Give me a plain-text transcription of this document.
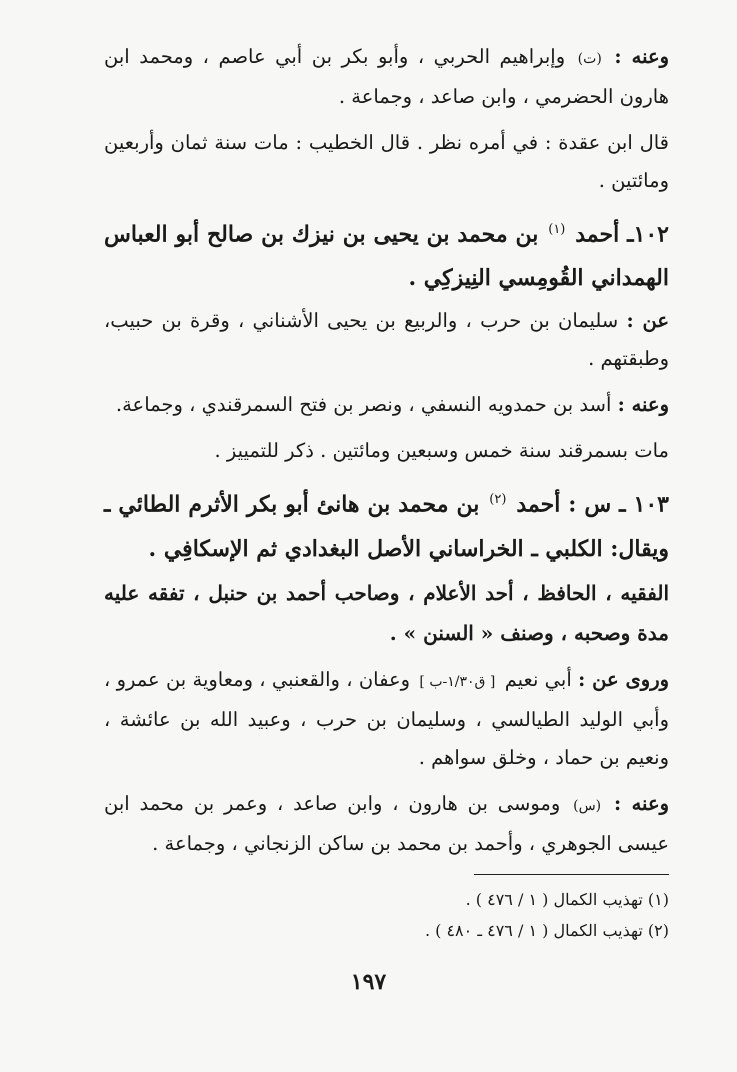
وعنه : (ت) وإبراهيم الحربي ، وأبو بكر بن أبي عاصم ، ومحمد ابن هارون الحضرمي ، وابن صاعد ، وجماعة .

قال ابن عقدة : في أمره نظر . قال الخطيب : مات سنة ثمان وأربعين ومائتين .

١٠٢ـ أحمد $^{(١)}$ بن محمد بن يحيى بن نيزك بن صالح أبو العباس الهمداني القُومِسي النِيزكِي .

عن : سليمان بن حرب ، والربيع بن يحيى الأشناني ، وقرة بن حبيب، وطبقتهم .

وعنه : أسد بن حمدويه النسفي ، ونصر بن فتح السمرقندي ، وجماعة.

مات بسمرقند سنة خمس وسبعين ومائتين . ذكر للتمييز .

١٠٣ ـ س : أحمد $^{(٢)}$ بن محمد بن هانئ أبو بكر الأثرم الطائي ـ ويقال: الكلبي ـ الخراساني الأصل البغدادي ثم الإسكافِي .

الفقيه ، الحافظ ، أحد الأعلام ، وصاحب أحمد بن حنبل ، تفقه عليه مدة وصحبه ، وصنف « السنن » .

وروى عن : أبي نعيم [ ق١/٣٠-ب ] وعفان ، والقعنبي ، ومعاوية بن عمرو ، وأبي الوليد الطيالسي ، وسليمان بن حرب ، وعبيد الله بن عائشة ، ونعيم بن حماد ، وخلق سواهم .

وعنه : (س) وموسى بن هارون ، وابن صاعد ، وعمر بن محمد ابن عيسى الجوهري ، وأحمد بن محمد بن ساكن الزنجاني ، وجماعة .

(١) تهذيب الكمال ( ١ / ٤٧٦ ) .

(٢) تهذيب الكمال ( ١ / ٤٧٦ ـ ٤٨٠ ) .

١٩٧
